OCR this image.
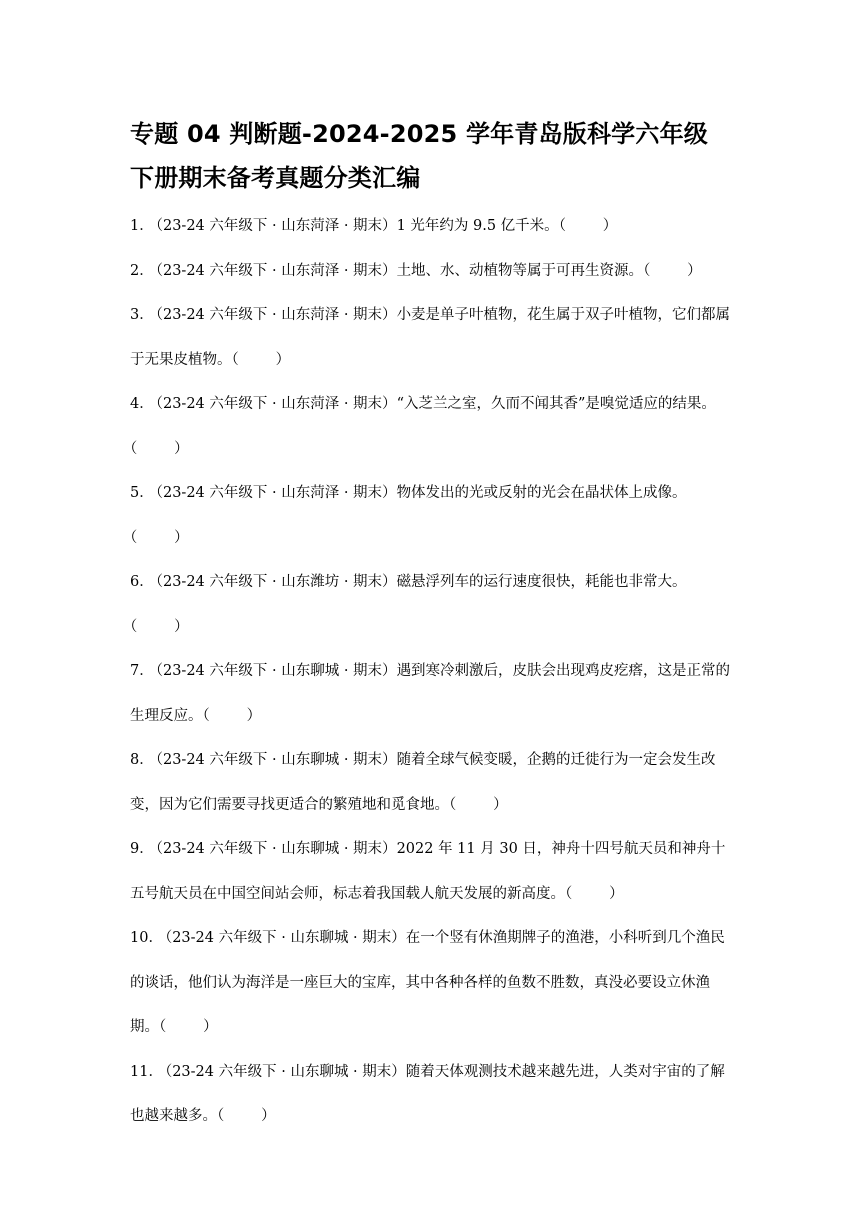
专题 04 判断题-2024-2025 学年青岛版科学六年级
下册期末备考真题分类汇编

1． （23-24 六年级下 · 山东菏泽 · 期末）1 光年约为 9.5 亿千米。（        ）

2． （23-24 六年级下 · 山东菏泽 · 期末）土地、水、动植物等属于可再生资源。（        ）

3． （23-24 六年级下 · 山东菏泽 · 期末）小麦是单子叶植物，花生属于双子叶植物，它们都属于无果皮植物。（        ）

4． （23-24 六年级下 · 山东菏泽 · 期末）“入芝兰之室，久而不闻其香”是嗅觉适应的结果。（        ）

5． （23-24 六年级下 · 山东菏泽 · 期末）物体发出的光或反射的光会在晶状体上成像。（        ）

6． （23-24 六年级下 · 山东潍坊 · 期末）磁悬浮列车的运行速度很快，耗能也非常大。（        ）

7． （23-24 六年级下 · 山东聊城 · 期末）遇到寒冷刺激后，皮肤会出现鸡皮疙瘩，这是正常的生理反应。（        ）

8． （23-24 六年级下 · 山东聊城 · 期末）随着全球气候变暖，企鹅的迁徙行为一定会发生改变，因为它们需要寻找更适合的繁殖地和觅食地。（        ）

9． （23-24 六年级下 · 山东聊城 · 期末）2022 年 11 月 30 日，神舟十四号航天员和神舟十五号航天员在中国空间站会师，标志着我国载人航天发展的新高度。（        ）

10． （23-24 六年级下 · 山东聊城 · 期末）在一个竖有休渔期牌子的渔港，小科听到几个渔民的谈话，他们认为海洋是一座巨大的宝库，其中各种各样的鱼数不胜数，真没必要设立休渔期。（        ）

11． （23-24 六年级下 · 山东聊城 · 期末）随着天体观测技术越来越先进，人类对宇宙的了解也越来越多。（        ）
